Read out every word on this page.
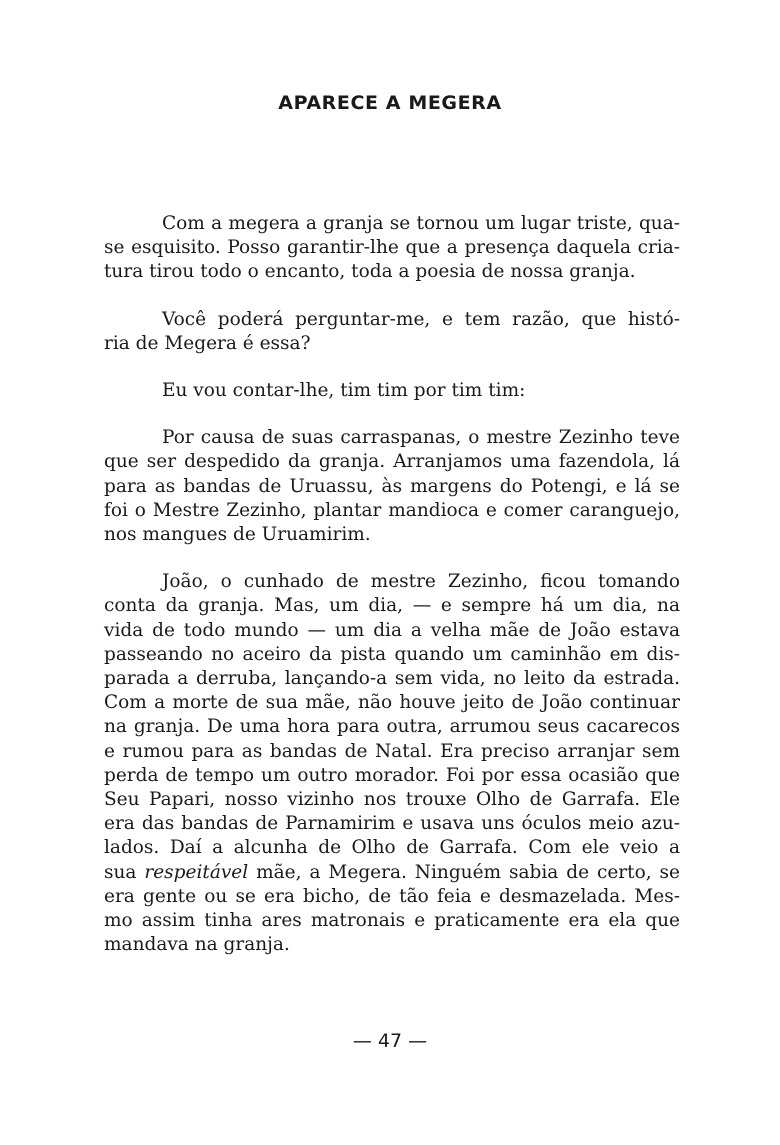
APARECE A MEGERA
Com a megera a granja se tornou um lugar triste, qua-
se esquisito. Posso garantir-lhe que a presença daquela cria-
tura tirou todo o encanto, toda a poesia de nossa granja.
Você poderá perguntar-me, e tem razão, que histó-
ria de Megera é essa?
Eu vou contar-lhe, tim tim por tim tim:
Por causa de suas carraspanas, o mestre Zezinho teve
que ser despedido da granja. Arranjamos uma fazendola, lá
para as bandas de Uruassu, às margens do Potengi, e lá se
foi o Mestre Zezinho, plantar mandioca e comer caranguejo,
nos mangues de Uruamirim.
João, o cunhado de mestre Zezinho, ficou tomando
conta da granja. Mas, um dia, — e sempre há um dia, na
vida de todo mundo — um dia a velha mãe de João estava
passeando no aceiro da pista quando um caminhão em dis-
parada a derruba, lançando-a sem vida, no leito da estrada.
Com a morte de sua mãe, não houve jeito de João continuar
na granja. De uma hora para outra, arrumou seus cacarecos
e rumou para as bandas de Natal. Era preciso arranjar sem
perda de tempo um outro morador. Foi por essa ocasião que
Seu Papari, nosso vizinho nos trouxe Olho de Garrafa. Ele
era das bandas de Parnamirim e usava uns óculos meio azu-
lados. Daí a alcunha de Olho de Garrafa. Com ele veio a
sua respeitável mãe, a Megera. Ninguém sabia de certo, se
era gente ou se era bicho, de tão feia e desmazelada. Mes-
mo assim tinha ares matronais e praticamente era ela que
mandava na granja.
— 47 —
